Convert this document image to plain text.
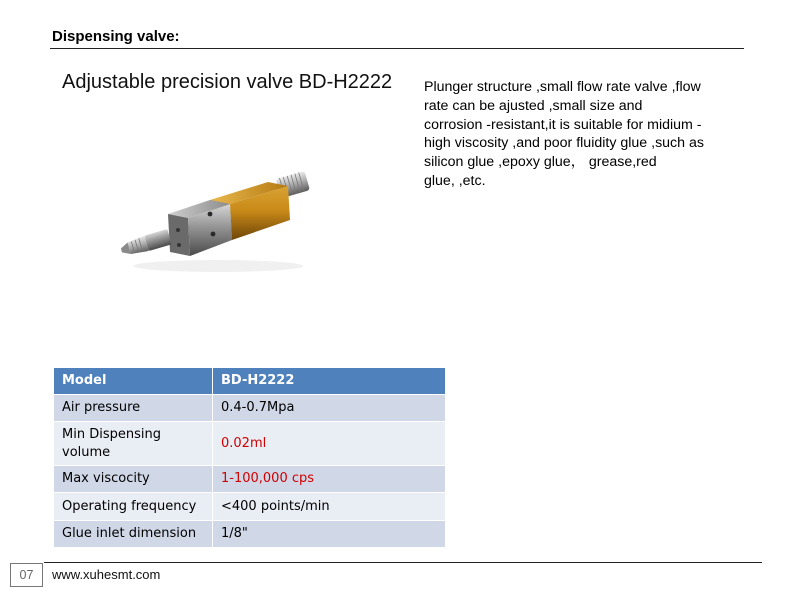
Dispensing valve:
Adjustable precision valve BD-H2222 Plunger structure ,small flow rate valve ,flow
rate can be ajusted ,small size and
corrosion -resistant,it is suitable for midium -
high viscosity ,and poor fluidity glue ,such as
silicon glue ,epoxy glue， grease,red
glue, ,etc.
Model	BD-H2222
Air pressure	0.4-0.7Mpa
Min Dispensing volume	0.02ml
Max viscocity	1-100,000 cps
Operating frequency	<400 points/min
Glue inlet dimension	1/8"
07	www.xuhesmt.com
